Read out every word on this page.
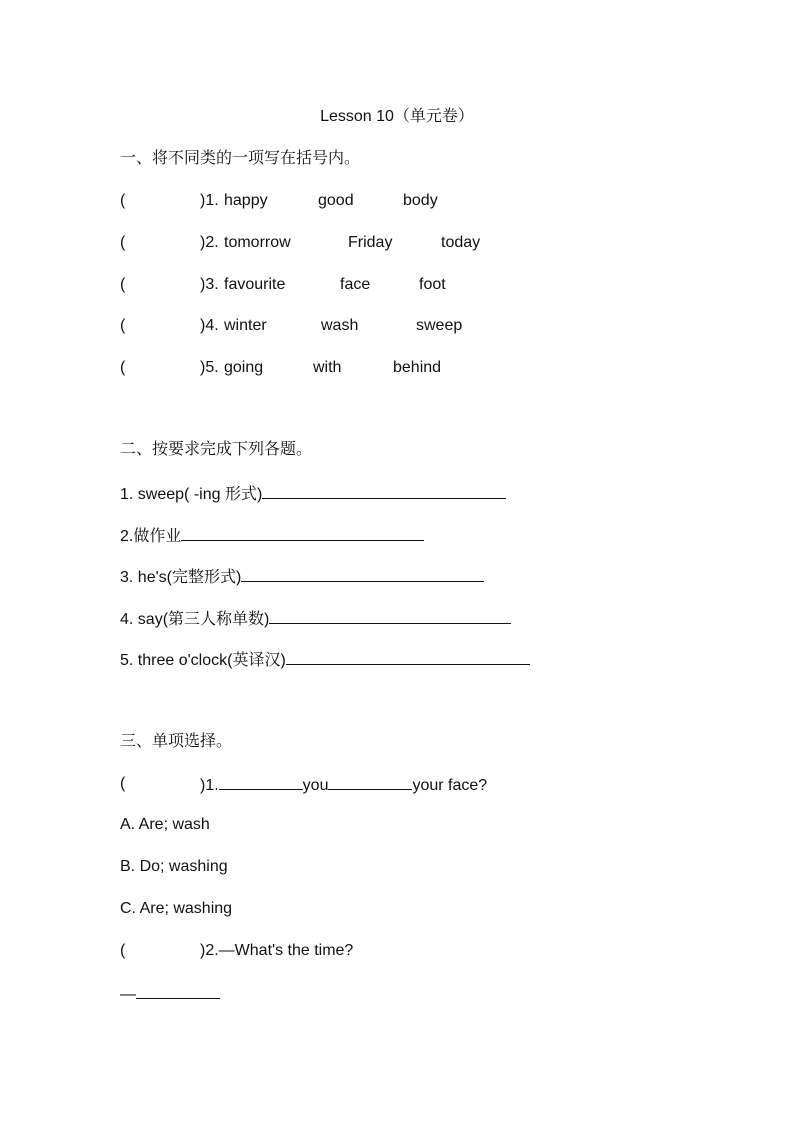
Lesson 10（单元卷）
一、将不同类的一项写在括号内。
(	)1. happy	good	body
(	)2. tomorrow	Friday	today
(	)3. favourite	face	foot
(	)4. winter	wash	sweep
(	)5. going	with	behind
二、按要求完成下列各题。
1. sweep( -ing 形式)
2.做作业
3. he's(完整形式)
4. say(第三人称单数)
5. three o'clock(英译汉)
三、单项选择。
(	)1.	you	your face?
A. Are; wash
B. Do; washing
C. Are; washing
(	)2.—What's the time?
—
